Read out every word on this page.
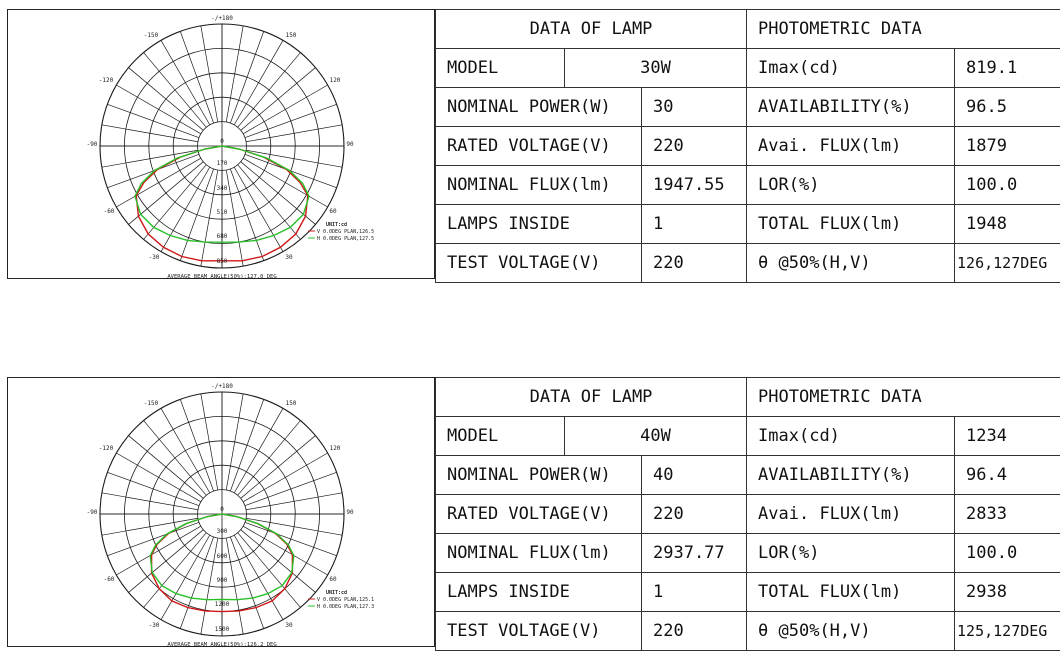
-/+180
-150	150
-120	120
-90	90
-60	60
-30	30
0
170
340
510
680
850
UNIT:cd
V 0.0DEG PLAN,126.5
H 0.0DEG PLAN,127.5
AVERAGE BEAM ANGLE(50%):127.0 DEG
DATA OF LAMP			PHOTOMETRIC DATA	
MODEL	30W		Imax(cd)	819.1
NOMINAL POWER(W)		30	AVAILABILITY(%)	96.5
RATED VOLTAGE(V)		220	Avai. FLUX(lm)	1879
NOMINAL FLUX(lm)		1947.55	LOR(%)	100.0
LAMPS INSIDE		1	TOTAL FLUX(lm)	1948
TEST VOLTAGE(V)		220	θ @50%(H,V)	126,127DEG
-/+180
-150	150
-120	120
-90	90
-60	60
-30	30
0
300
600
900
1200
1500
UNIT:cd
V 0.0DEG PLAN,125.1
H 0.0DEG PLAN,127.3
AVERAGE BEAM ANGLE(50%):126.2 DEG
DATA OF LAMP			PHOTOMETRIC DATA	
MODEL	40W		Imax(cd)	1234
NOMINAL POWER(W)		40	AVAILABILITY(%)	96.4
RATED VOLTAGE(V)		220	Avai. FLUX(lm)	2833
NOMINAL FLUX(lm)		2937.77	LOR(%)	100.0
LAMPS INSIDE		1	TOTAL FLUX(lm)	2938
TEST VOLTAGE(V)		220	θ @50%(H,V)	125,127DEG
